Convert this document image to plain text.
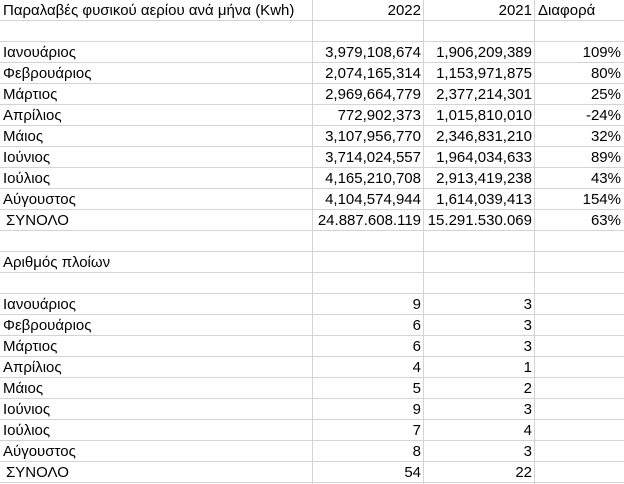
Παραλαβές φυσικού αερίου ανά μήνα (Kwh)	2022	2021 Διαφορά
Ιανουάριος	3,979,108,674	1,906,209,389	109%
Φεβρουάριος	2,074,165,314	1,153,971,875	80%
Μάρτιος	2,969,664,779	2,377,214,301	25%
Απρίλιος	772,902,373	1,015,810,010	-24%
Μάιος	3,107,956,770	2,346,831,210	32%
Ιούνιος	3,714,024,557	1,964,034,633	89%
Ιούλιος	4,165,210,708	2,913,419,238	43%
Αύγουστος	4,104,574,944	1,614,039,413	154%
ΣΥΝΟΛΟ	24.887.608.119 15.291.530.069	63%
Αριθμός πλοίων
Ιανουάριος	9	3
Φεβρουάριος	6	3
Μάρτιος	6	3
Απρίλιος	4	1
Μάιος	5	2
Ιούνιος	9	3
Ιούλιος	7	4
Αύγουστος	8	3
ΣΥΝΟΛΟ	54	22
